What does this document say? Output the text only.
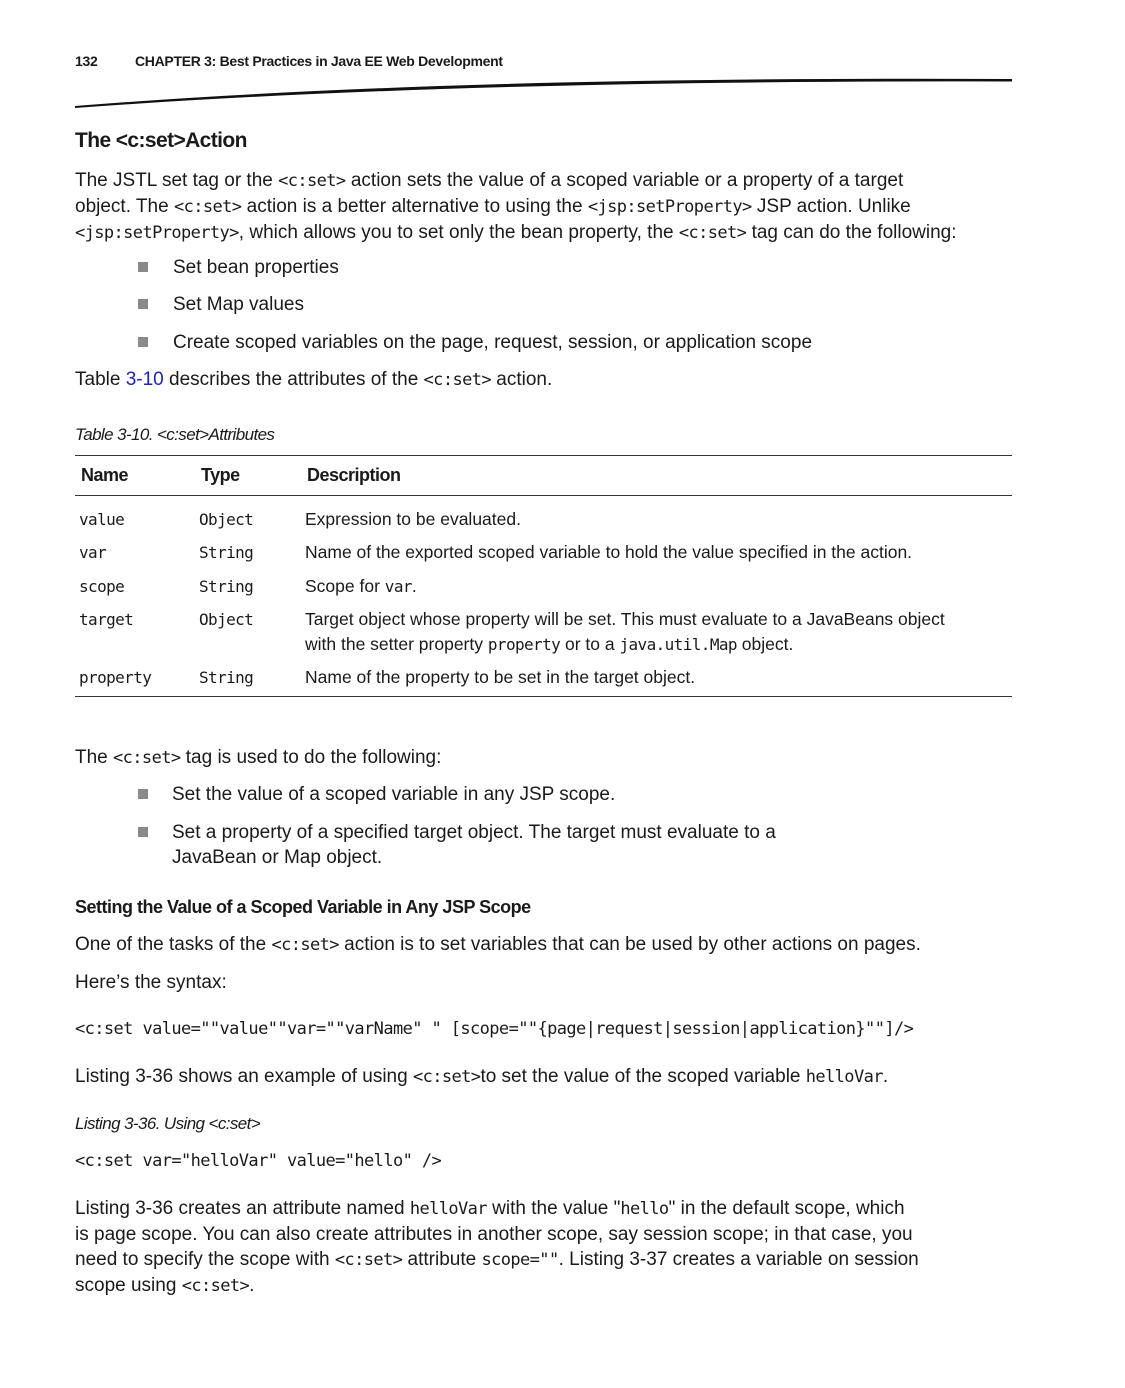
132	CHAPTER 3: Best Practices in Java EE Web Development
The <c:set>Action
The JSTL set tag or the <c:set> action sets the value of a scoped variable or a property of a target
object. The <c:set> action is a better alternative to using the <jsp:setProperty> JSP action. Unlike
<jsp:setProperty>, which allows you to set only the bean property, the <c:set> tag can do the following:
Set bean properties
Set Map values
Create scoped variables on the page, request, session, or application scope
Table 3-10 describes the attributes of the <c:set> action.
Table 3-10. <c:set>Attributes
Name	Type	Description
value	Object	Expression to be evaluated.
var	String	Name of the exported scoped variable to hold the value specified in the action.
scope	String	Scope for var.
target	Object	Target object whose property will be set. This must evaluate to a JavaBeans object
with the setter property property or to a java.util.Map object.
property	String	Name of the property to be set in the target object.
The <c:set> tag is used to do the following:
Set the value of a scoped variable in any JSP scope.
Set a property of a specified target object. The target must evaluate to a
JavaBean or Map object.
Setting the Value of a Scoped Variable in Any JSP Scope
One of the tasks of the <c:set> action is to set variables that can be used by other actions on pages.
Here’s the syntax:
<c:set value=""value""var=""varName" " [scope=""{page|request|session|application}""]/>
Listing 3-36 shows an example of using <c:set>to set the value of the scoped variable helloVar.
Listing 3-36. Using <c:set>
<c:set var="helloVar" value="hello" />
Listing 3-36 creates an attribute named helloVar with the value "hello" in the default scope, which
is page scope. You can also create attributes in another scope, say session scope; in that case, you
need to specify the scope with <c:set> attribute scope="". Listing 3-37 creates a variable on session
scope using <c:set>.
